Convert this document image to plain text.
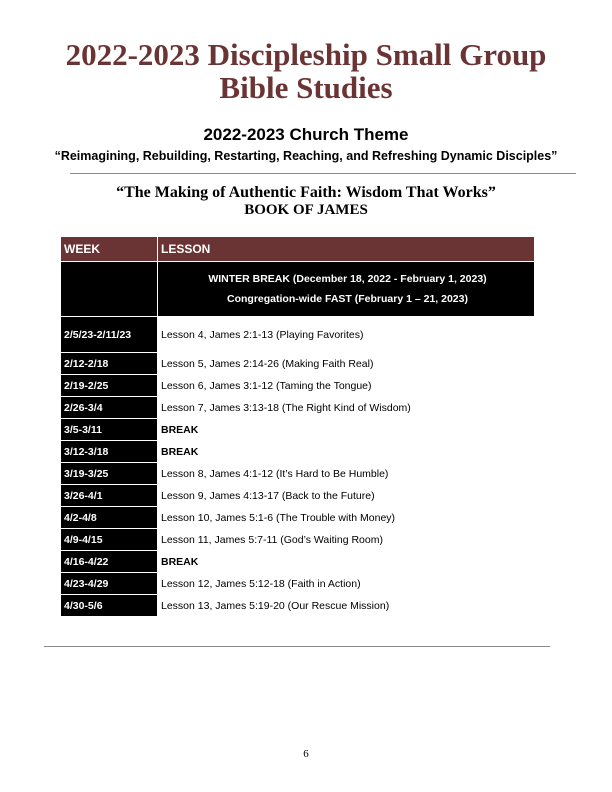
2022-2023 Discipleship Small Group
Bible Studies
2022-2023 Church Theme
“Reimagining, Rebuilding, Restarting, Reaching, and Refreshing Dynamic Disciples”
“The Making of Authentic Faith: Wisdom That Works”
BOOK OF JAMES
WEEK	LESSON

	WINTER BREAK (December 18, 2022 - February 1, 2023)
Congregation-wide FAST (February 1 – 21, 2023)

2/5/23-2/11/23	Lesson 4, James 2:1-13 (Playing Favorites)
2/12-2/18	Lesson 5, James 2:14-26 (Making Faith Real)
2/19-2/25	Lesson 6, James 3:1-12 (Taming the Tongue)
2/26-3/4	Lesson 7, James 3:13-18 (The Right Kind of Wisdom)
3/5-3/11	BREAK
3/12-3/18	BREAK
3/19-3/25	Lesson 8, James 4:1-12 (It’s Hard to Be Humble)
3/26-4/1	Lesson 9, James 4:13-17 (Back to the Future)
4/2-4/8	Lesson 10, James 5:1-6 (The Trouble with Money)
4/9-4/15	Lesson 11, James 5:7-11 (God’s Waiting Room)
4/16-4/22	BREAK
4/23-4/29	Lesson 12, James 5:12-18 (Faith in Action)
4/30-5/6	Lesson 13, James 5:19-20 (Our Rescue Mission)
6
